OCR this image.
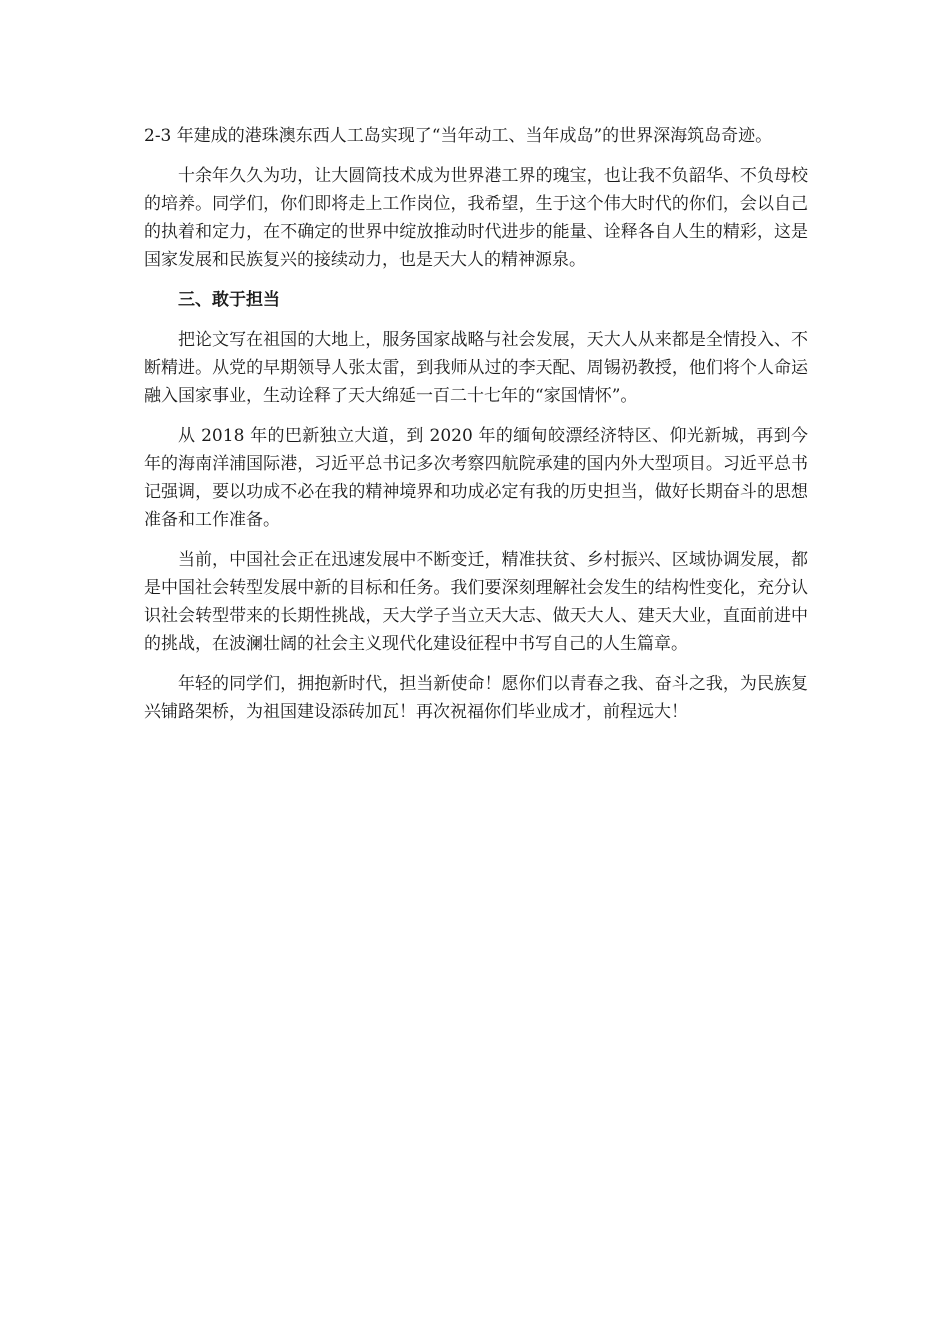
2-3 年建成的港珠澳东西人工岛实现了“当年动工、当年成岛”的世界深海筑岛奇迹。

十余年久久为功，让大圆筒技术成为世界港工界的瑰宝，也让我不负韶华、不负母校的培养。同学们，你们即将走上工作岗位，我希望，生于这个伟大时代的你们，会以自己的执着和定力，在不确定的世界中绽放推动时代进步的能量、诠释各自人生的精彩，这是国家发展和民族复兴的接续动力，也是天大人的精神源泉。

三、敢于担当

把论文写在祖国的大地上，服务国家战略与社会发展，天大人从来都是全情投入、不断精进。从党的早期领导人张太雷，到我师从过的李天配、周锡礽教授，他们将个人命运融入国家事业，生动诠释了天大绵延一百二十七年的“家国情怀”。

从 2018 年的巴新独立大道，到 2020 年的缅甸皎漂经济特区、仰光新城，再到今年的海南洋浦国际港，习近平总书记多次考察四航院承建的国内外大型项目。习近平总书记强调，要以功成不必在我的精神境界和功成必定有我的历史担当，做好长期奋斗的思想准备和工作准备。

当前，中国社会正在迅速发展中不断变迁，精准扶贫、乡村振兴、区域协调发展，都是中国社会转型发展中新的目标和任务。我们要深刻理解社会发生的结构性变化，充分认识社会转型带来的长期性挑战，天大学子当立天大志、做天大人、建天大业，直面前进中的挑战，在波澜壮阔的社会主义现代化建设征程中书写自己的人生篇章。

年轻的同学们，拥抱新时代，担当新使命！愿你们以青春之我、奋斗之我，为民族复兴铺路架桥，为祖国建设添砖加瓦！再次祝福你们毕业成才，前程远大！
